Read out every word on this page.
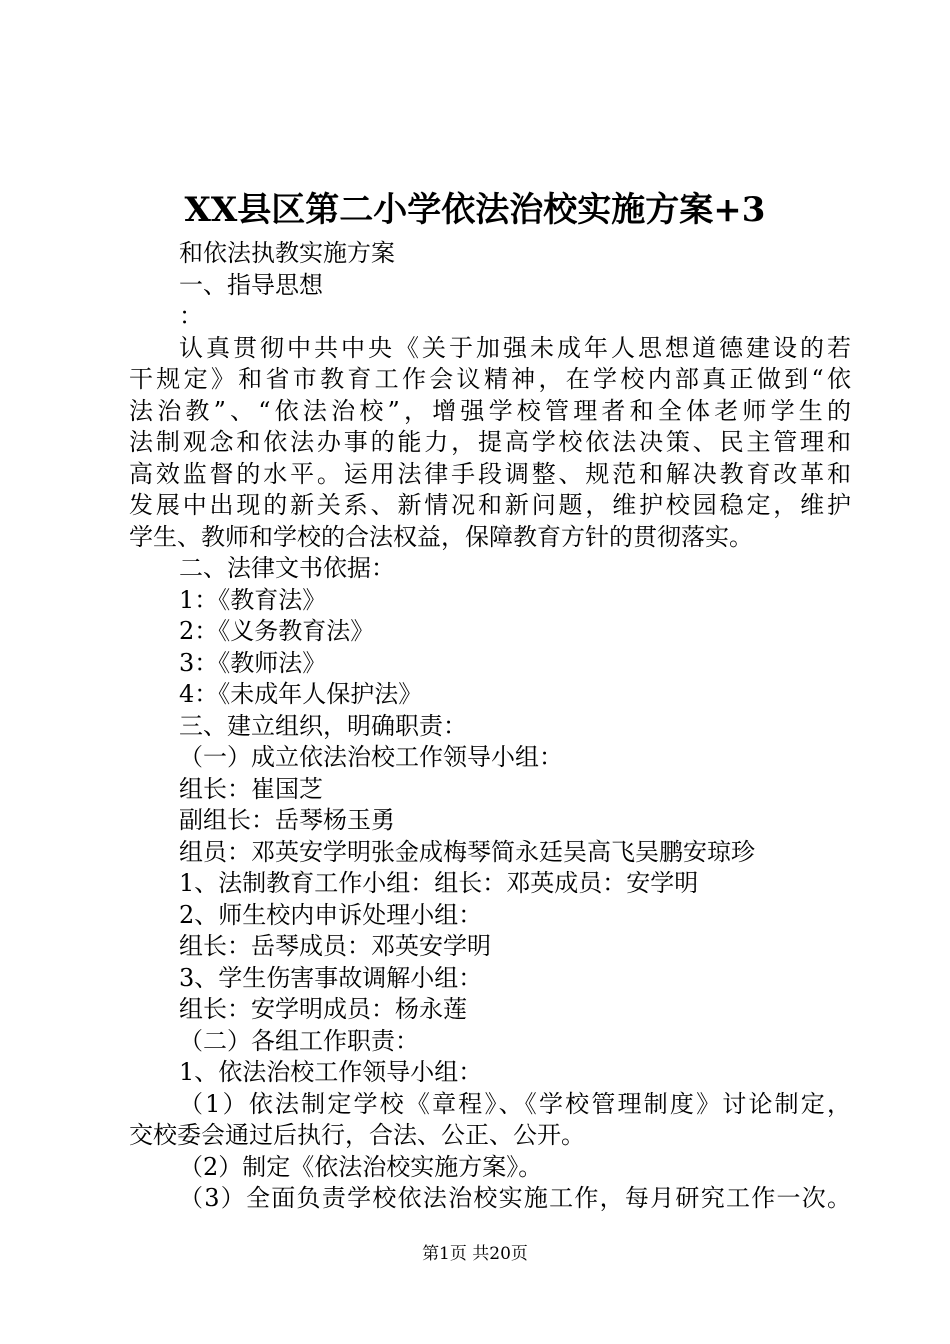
XX县区第二小学依法治校实施方案+3
和依法执教实施方案
一、指导思想
：
认真贯彻中共中央《关于加强未成年人思想道德建设的若
干规定》和省市教育工作会议精神，在学校内部真正做到“依
法治教”、“依法治校”，增强学校管理者和全体老师学生的
法制观念和依法办事的能力，提高学校依法决策、民主管理和
高效监督的水平。运用法律手段调整、规范和解决教育改革和
发展中出现的新关系、新情况和新问题，维护校园稳定，维护
学生、教师和学校的合法权益，保障教育方针的贯彻落实。
二、法律文书依据：
1：《教育法》
2：《义务教育法》
3：《教师法》
4：《未成年人保护法》
三、建立组织，明确职责：
（一）成立依法治校工作领导小组：
组长：崔国芝
副组长：岳琴杨玉勇
组员：邓英安学明张金成梅琴简永廷吴高飞吴鹏安琼珍
1、法制教育工作小组：组长：邓英成员：安学明
2、师生校内申诉处理小组：
组长：岳琴成员：邓英安学明
3、学生伤害事故调解小组：
组长：安学明成员：杨永莲
（二）各组工作职责：
1、依法治校工作领导小组：
（1）依法制定学校《章程》、《学校管理制度》讨论制定，
交校委会通过后执行，合法、公正、公开。
（2）制定《依法治校实施方案》。
（3）全面负责学校依法治校实施工作，每月研究工作一次。
第1页 共20页
